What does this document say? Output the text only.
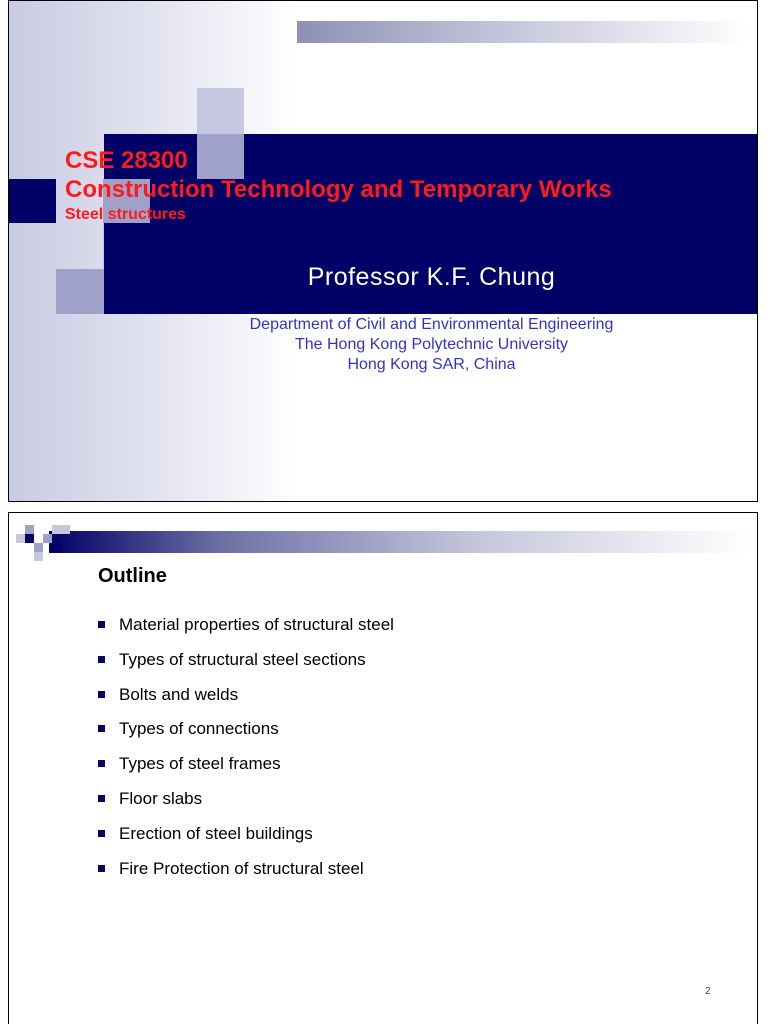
CSE 28300
Construction Technology and Temporary Works
Steel structures
Professor K.F. Chung
Department of Civil and Environmental Engineering
The Hong Kong Polytechnic University
Hong Kong SAR, China
Outline
Material properties of structural steel
Types of structural steel sections
Bolts and welds
Types of connections
Types of steel frames
Floor slabs
Erection of steel buildings
Fire Protection of structural steel
2
